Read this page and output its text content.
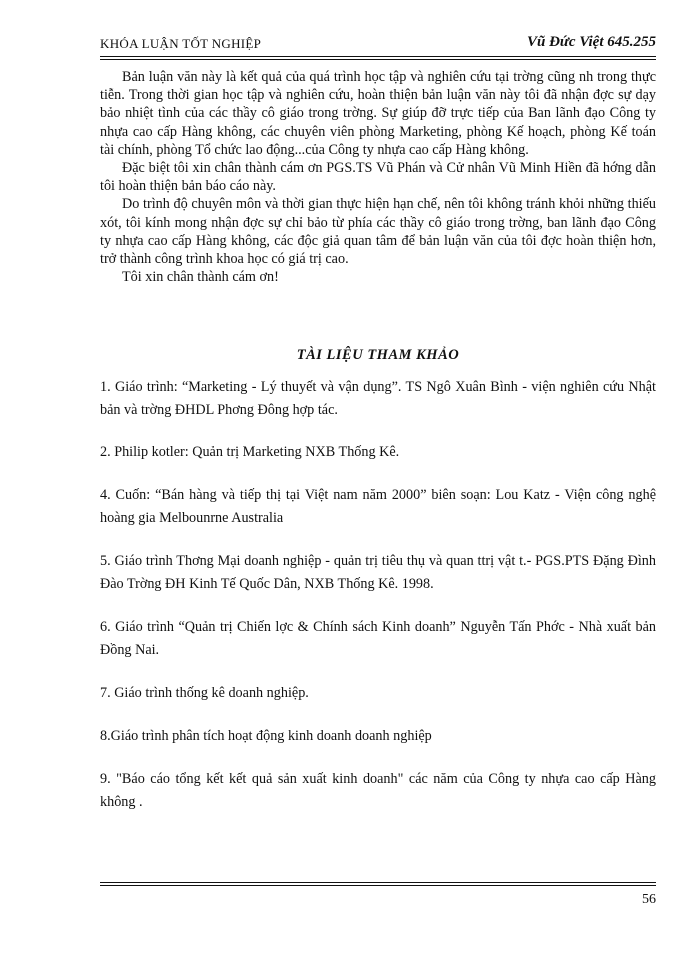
KHÓA LUẬN TỐT NGHIỆP	Vũ Đức Việt 645.255

Bản luận văn này là kết quả của quá trình học tập và nghiên cứu tại trờng cũng nh trong thực tiễn. Trong thời gian học tập và nghiên cứu, hoàn thiện bản luận văn này tôi đã nhận đợc sự dạy bảo nhiệt tình của các thầy cô giáo trong trờng. Sự giúp đỡ trực tiếp của Ban lãnh đạo Công ty nhựa cao cấp Hàng không, các chuyên viên phòng Marketing, phòng Kế hoạch, phòng Kế toán tài chính, phòng Tổ chức lao động...của Công ty nhựa cao cấp Hàng không.

Đặc biệt tôi xin chân thành cám ơn PGS.TS Vũ Phán và Cử nhân Vũ Minh Hiền đã hớng dẫn tôi hoàn thiện bản báo cáo này.

Do trình độ chuyên môn và thời gian thực hiện hạn chế, nên tôi không tránh khỏi những thiếu xót, tôi kính mong nhận đợc sự chỉ bảo từ phía các thầy cô giáo trong trờng, ban lãnh đạo Công ty nhựa cao cấp Hàng không, các độc giả quan tâm để bản luận văn của tôi đợc hoàn thiện hơn, trở thành công trình khoa học có giá trị cao.

Tôi xin chân thành cám ơn!

TÀI LIỆU THAM KHẢO

1. Giáo trình: “Marketing - Lý thuyết và vận dụng”. TS Ngô Xuân Bình - viện nghiên cứu Nhật bản và trờng ĐHDL Phơng Đông hợp tác.

2. Philip kotler: Quản trị Marketing NXB Thống Kê.

4. Cuốn: “Bán hàng và tiếp thị tại Việt nam năm 2000” biên soạn: Lou Katz - Viện công nghệ hoàng gia Melbounrne Australia

5. Giáo trình Thơng Mại doanh nghiệp - quản trị tiêu thụ và quan ttrị vật t.- PGS.PTS Đặng Đình Đào Trờng ĐH Kinh Tế Quốc Dân, NXB Thống Kê. 1998.

6. Giáo trình “Quản trị Chiến lợc & Chính sách Kinh doanh” Nguyễn Tấn Phớc - Nhà xuất bản Đồng Nai.

7. Giáo trình thống kê doanh nghiệp.

8.Giáo trình phân tích hoạt động kinh doanh doanh nghiệp

9. "Báo cáo tổng kết kết quả sản xuất kinh doanh" các năm của Công ty nhựa cao cấp Hàng không .

56
